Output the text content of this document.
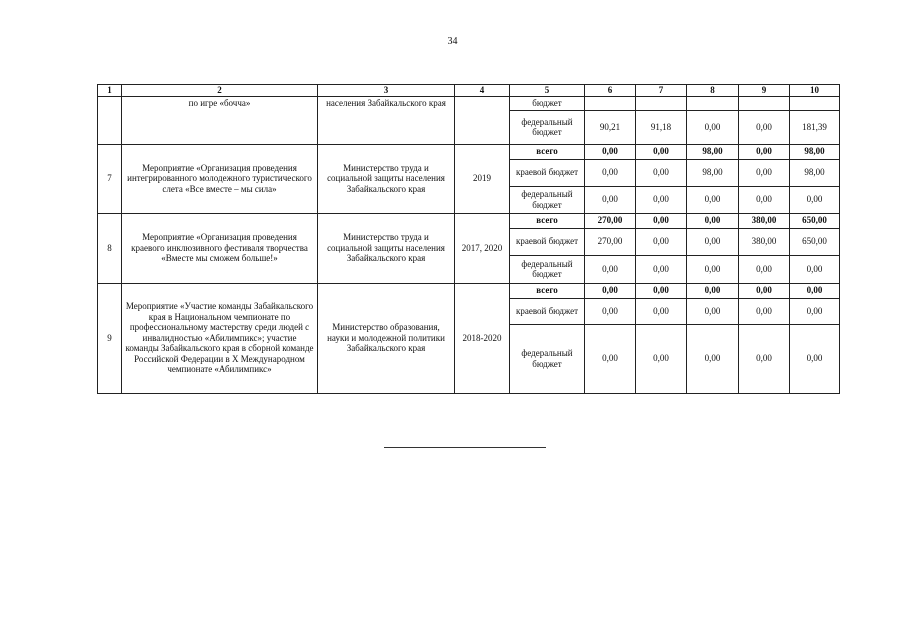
34
1	2	3	4	5	6	7	8	9	10
	по игре «бочча»	населения Забайкальского края		бюджет					
				федеральный бюджет	90,21	91,18	0,00	0,00	181,39
7	Мероприятие «Организация проведения интегрированного молодежного туристического слета «Все вместе – мы сила»	Министерство труда и социальной защиты населения Забайкальского края	2019	всего	0,00	0,00	98,00	0,00	98,00
				краевой бюджет	0,00	0,00	98,00	0,00	98,00
				федеральный бюджет	0,00	0,00	0,00	0,00	0,00
8	Мероприятие «Организация проведения краевого инклюзивного фестиваля творчества «Вместе мы сможем больше!»	Министерство труда и социальной защиты населения Забайкальского края	2017, 2020	всего	270,00	0,00	0,00	380,00	650,00
				краевой бюджет	270,00	0,00	0,00	380,00	650,00
				федеральный бюджет	0,00	0,00	0,00	0,00	0,00
9	Мероприятие «Участие команды Забайкальского края в Национальном чемпионате по профессиональному мастерству среди людей с инвалидностью «Абилимпикс»; участие команды Забайкальского края в сборной команде Российской Федерации в X Международном чемпионате «Абилимпикс»	Министерство образования, науки и молодежной политики Забайкальского края	2018-2020	всего	0,00	0,00	0,00	0,00	0,00
				краевой бюджет	0,00	0,00	0,00	0,00	0,00
				федеральный бюджет	0,00	0,00	0,00	0,00	0,00
